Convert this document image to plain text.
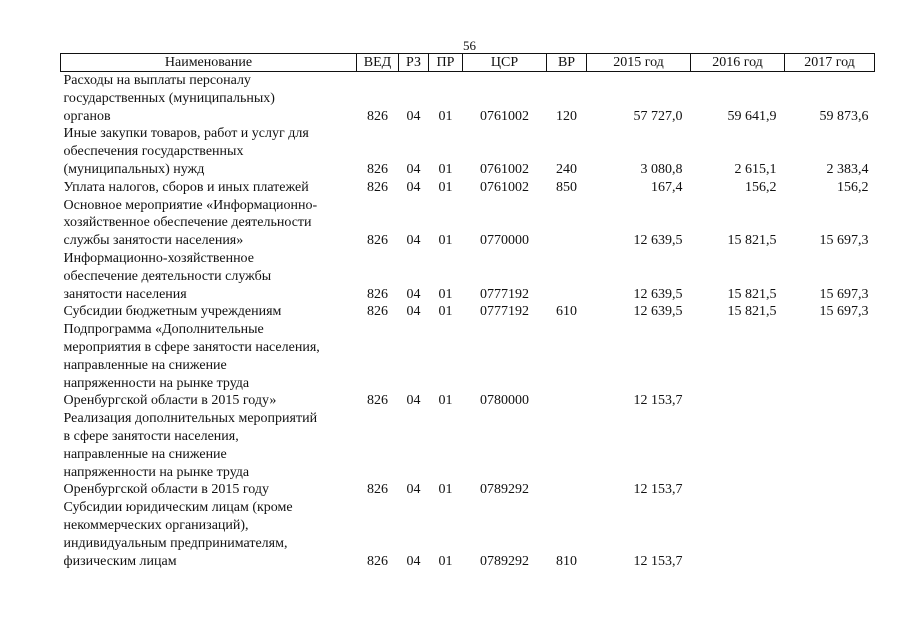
56
Наименование	ВЕД	РЗ	ПР	ЦСР	ВР	2015 год	2016 год	2017 год

Расходы на выплаты персоналу
государственных (муниципальных)
органов	826	04	01	0761002	120	57 727,0	59 641,9	59 873,6

Иные закупки товаров, работ и услуг для
обеспечения государственных
(муниципальных) нужд	826	04	01	0761002	240	3 080,8	2 615,1	2 383,4

Уплата налогов, сборов и иных платежей	826	04	01	0761002	850	167,4	156,2	156,2

Основное мероприятие «Информационно-
хозяйственное обеспечение деятельности
службы занятости населения»	826	04	01	0770000		12 639,5	15 821,5	15 697,3

Информационно-хозяйственное
обеспечение деятельности службы
занятости населения	826	04	01	0777192		12 639,5	15 821,5	15 697,3

Субсидии бюджетным учреждениям	826	04	01	0777192	610	12 639,5	15 821,5	15 697,3

Подпрограмма «Дополнительные
мероприятия в сфере занятости населения,
направленные на снижение
напряженности на рынке труда
Оренбургской области в 2015 году»	826	04	01	0780000		12 153,7		

Реализация дополнительных мероприятий
в сфере занятости населения,
направленные на снижение
напряженности на рынке труда
Оренбургской области в 2015 году	826	04	01	0789292		12 153,7		

Субсидии юридическим лицам (кроме
некоммерческих организаций),
индивидуальным предпринимателям,
физическим лицам	826	04	01	0789292	810	12 153,7		
